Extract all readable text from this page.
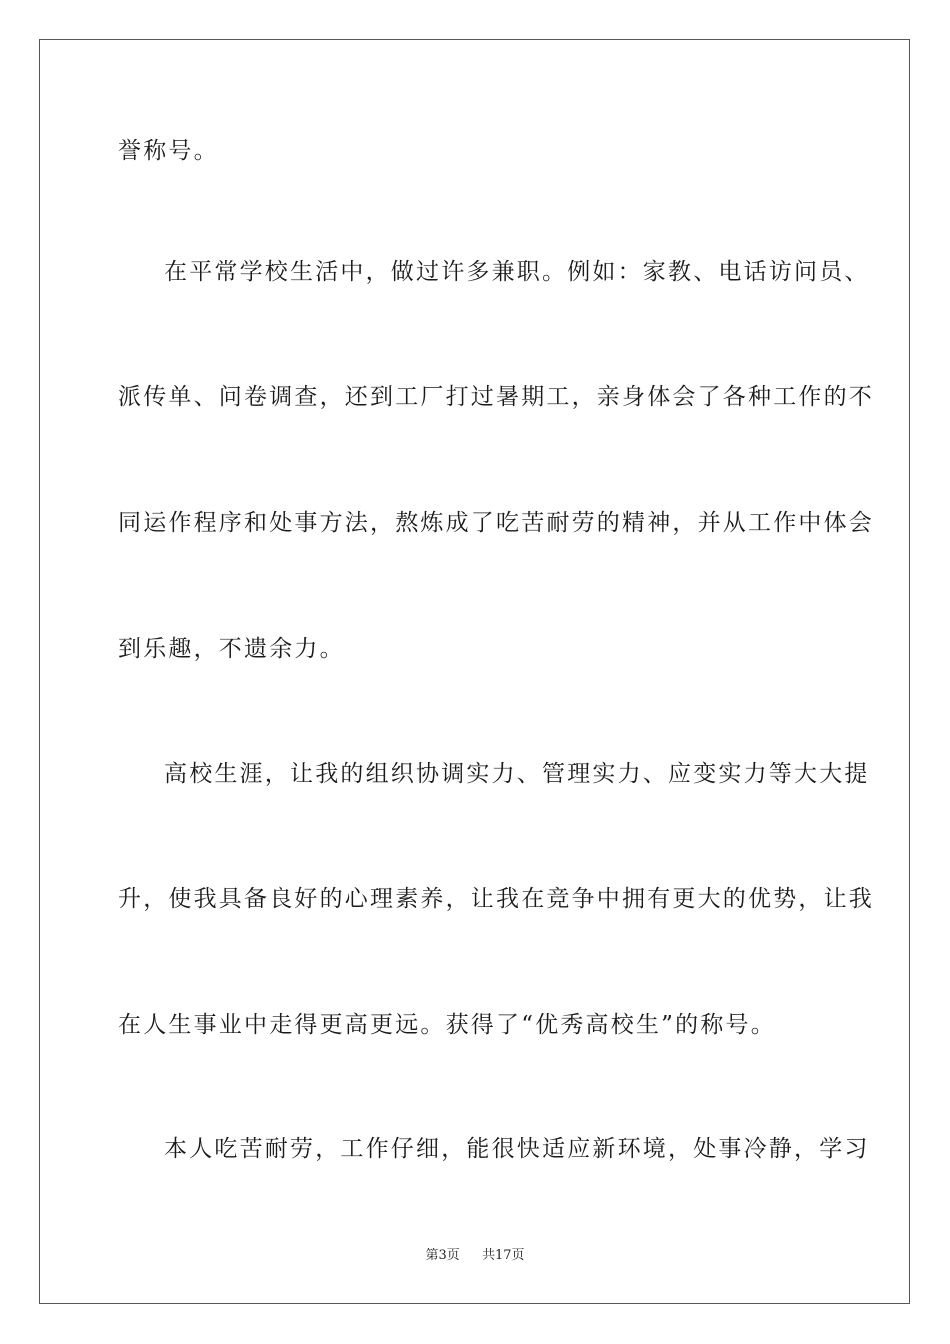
誉称号。
在平常学校生活中，做过许多兼职。例如：家教、电话访问员、
派传单、问卷调查，还到工厂打过暑期工，亲身体会了各种工作的不
同运作程序和处事方法，熬炼成了吃苦耐劳的精神，并从工作中体会
到乐趣，不遗余力。
高校生涯，让我的组织协调实力、管理实力、应变实力等大大提
升，使我具备良好的心理素养，让我在竞争中拥有更大的优势，让我
在人生事业中走得更高更远。获得了“优秀高校生”的称号。
本人吃苦耐劳，工作仔细，能很快适应新环境，处事冷静，学习
第3页 共17页
